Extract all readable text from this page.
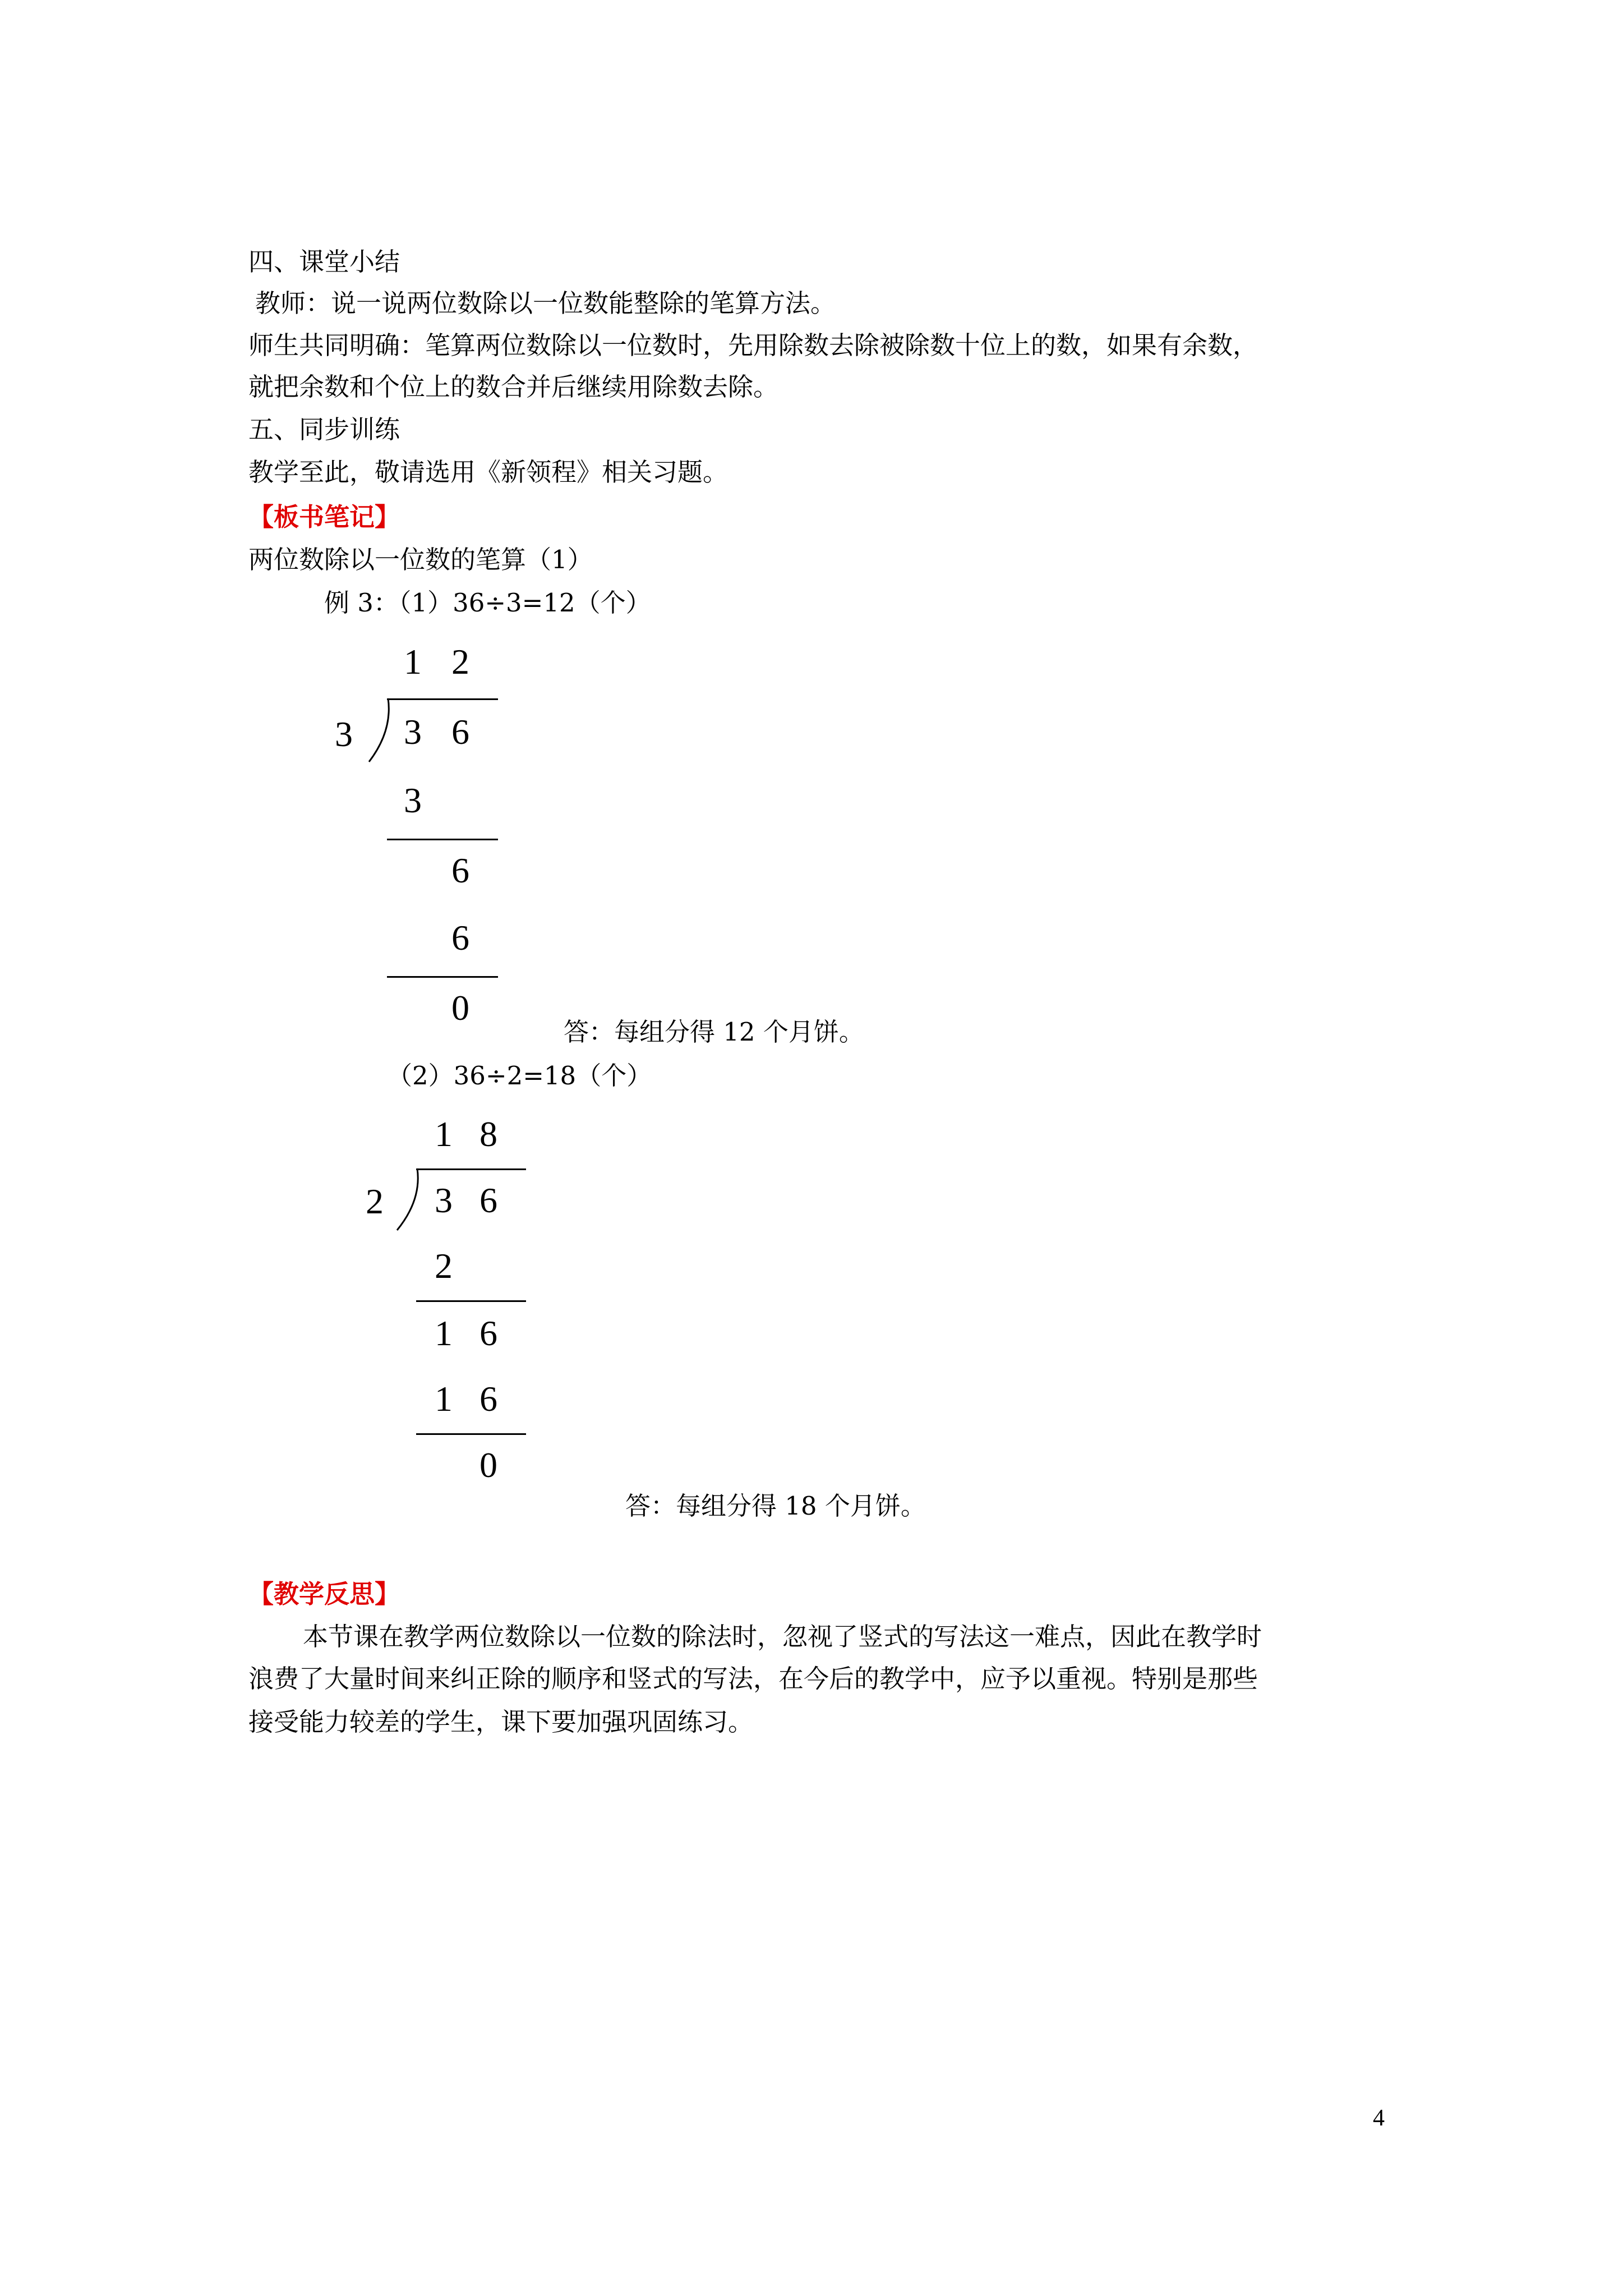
四、课堂小结
教师：说一说两位数除以一位数能整除的笔算方法。
师生共同明确：笔算两位数除以一位数时，先用除数去除被除数十位上的数，如果有余数，
就把余数和个位上的数合并后继续用除数去除。
五、同步训练
教学至此，敬请选用《新领程》相关习题。
【板书笔记】
两位数除以一位数的笔算（1）
例 3：（1）36÷3=12（个）
1 2
3 3 6
3
6
6
0
答：每组分得 12 个月饼。
（2）36÷2=18（个）
1 8
2 3 6
2
1 6
1 6
0
答：每组分得 18 个月饼。
【教学反思】
本节课在教学两位数除以一位数的除法时，忽视了竖式的写法这一难点，因此在教学时
浪费了大量时间来纠正除的顺序和竖式的写法，在今后的教学中，应予以重视。特别是那些
接受能力较差的学生，课下要加强巩固练习。
4
